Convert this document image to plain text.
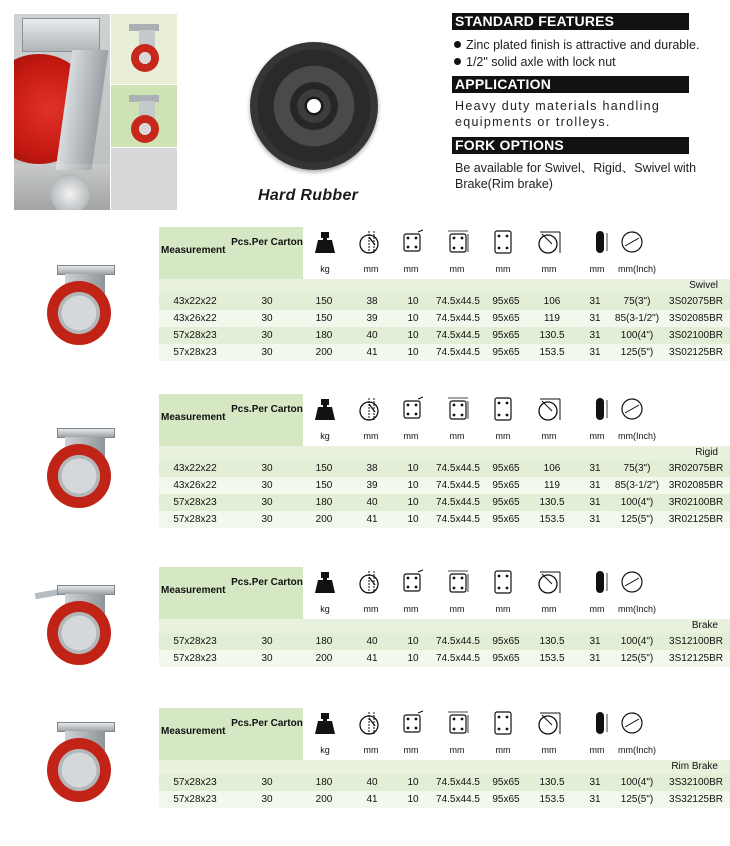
Hard Rubber
STANDARD FEATURES
Zinc plated finish is attractive and durable.
1/2" solid axle with lock nut
APPLICATION
Heavy duty materials handling equipments or trolleys.
FORK OPTIONS
Be available for Swivel、Rigid、Swivel with Brake(Rim brake)
Measurement
Pcs.Per Carton
kg	mm	mm	mm	mm	mm	mm	mm(Inch)
Swivel
43x22x22	30	150	38	10	74.5x44.5	95x65	106	31	75(3")	3S02075BR
43x26x22	30	150	39	10	74.5x44.5	95x65	119	31	85(3-1/2") 3S02085BR
57x28x23	30	180	40	10	74.5x44.5	95x65	130.5	31	100(4")	3S02100BR
57x28x23	30	200	41	10	74.5x44.5	95x65	153.5	31	125(5")	3S02125BR
Measurement
Pcs.Per Carton
kg	mm	mm	mm	mm	mm	mm	mm(Inch)
Rigid
43x22x22	30	150	38	10	74.5x44.5	95x65	106	31	75(3")	3R02075BR
43x26x22	30	150	39	10	74.5x44.5	95x65	119	31	85(3-1/2") 3R02085BR
57x28x23	30	180	40	10	74.5x44.5	95x65	130.5	31	100(4")	3R02100BR
57x28x23	30	200	41	10	74.5x44.5	95x65	153.5	31	125(5")	3R02125BR
Measurement
Pcs.Per Carton
kg	mm	mm	mm	mm	mm	mm	mm(Inch)
Brake
57x28x23	30	180	40	10	74.5x44.5	95x65	130.5	31	100(4")	3S12100BR
57x28x23	30	200	41	10	74.5x44.5	95x65	153.5	31	125(5")	3S12125BR
Measurement
Pcs.Per Carton
kg	mm	mm	mm	mm	mm	mm	mm(Inch)
Rim Brake
57x28x23	30	180	40	10	74.5x44.5	95x65	130.5	31	100(4")	3S32100BR
57x28x23	30	200	41	10	74.5x44.5	95x65	153.5	31	125(5")	3S32125BR
